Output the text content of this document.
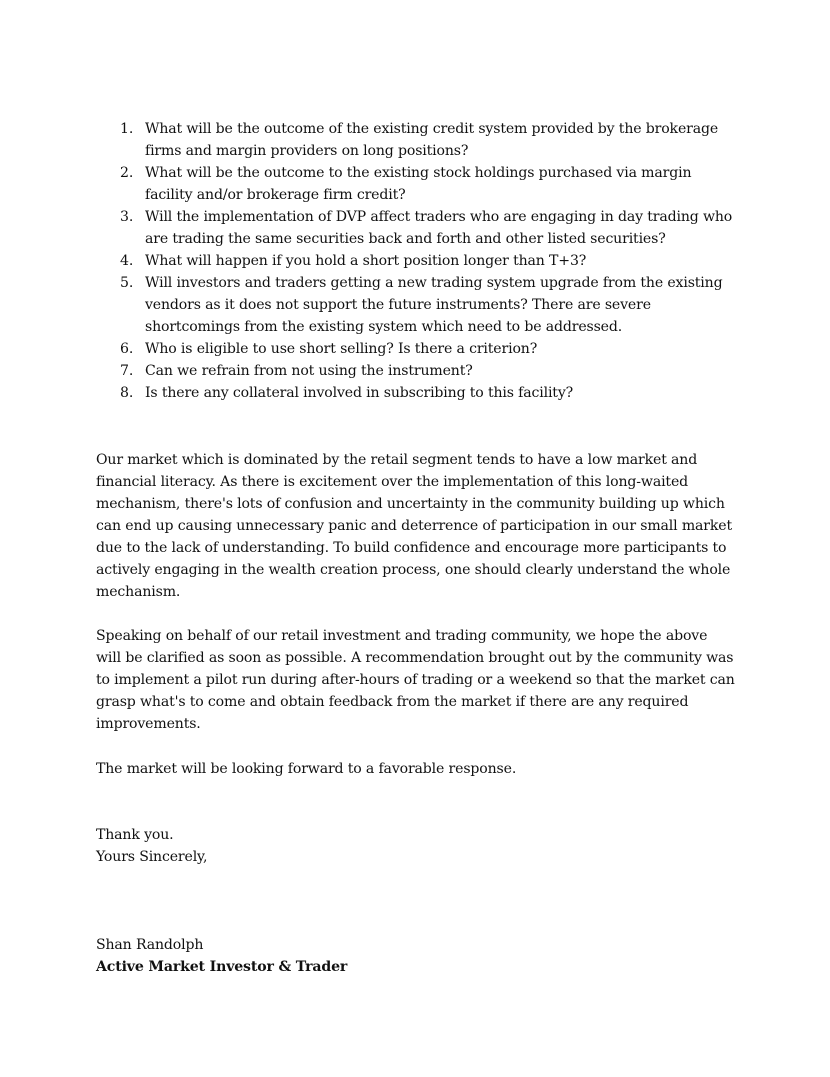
1. What will be the outcome of the existing credit system provided by the brokerage firms and margin providers on long positions?
2. What will be the outcome to the existing stock holdings purchased via margin facility and/or brokerage firm credit?
3. Will the implementation of DVP affect traders who are engaging in day trading who are trading the same securities back and forth and other listed securities?
4. What will happen if you hold a short position longer than T+3?
5. Will investors and traders getting a new trading system upgrade from the existing vendors as it does not support the future instruments? There are severe shortcomings from the existing system which need to be addressed.
6. Who is eligible to use short selling? Is there a criterion?
7. Can we refrain from not using the instrument?
8. Is there any collateral involved in subscribing to this facility?

Our market which is dominated by the retail segment tends to have a low market and financial literacy. As there is excitement over the implementation of this long-waited mechanism, there's lots of confusion and uncertainty in the community building up which can end up causing unnecessary panic and deterrence of participation in our small market due to the lack of understanding. To build confidence and encourage more participants to actively engaging in the wealth creation process, one should clearly understand the whole mechanism.

Speaking on behalf of our retail investment and trading community, we hope the above will be clarified as soon as possible. A recommendation brought out by the community was to implement a pilot run during after-hours of trading or a weekend so that the market can grasp what's to come and obtain feedback from the market if there are any required improvements.

The market will be looking forward to a favorable response.

Thank you.

Yours Sincerely,

Shan Randolph

Active Market Investor & Trader
